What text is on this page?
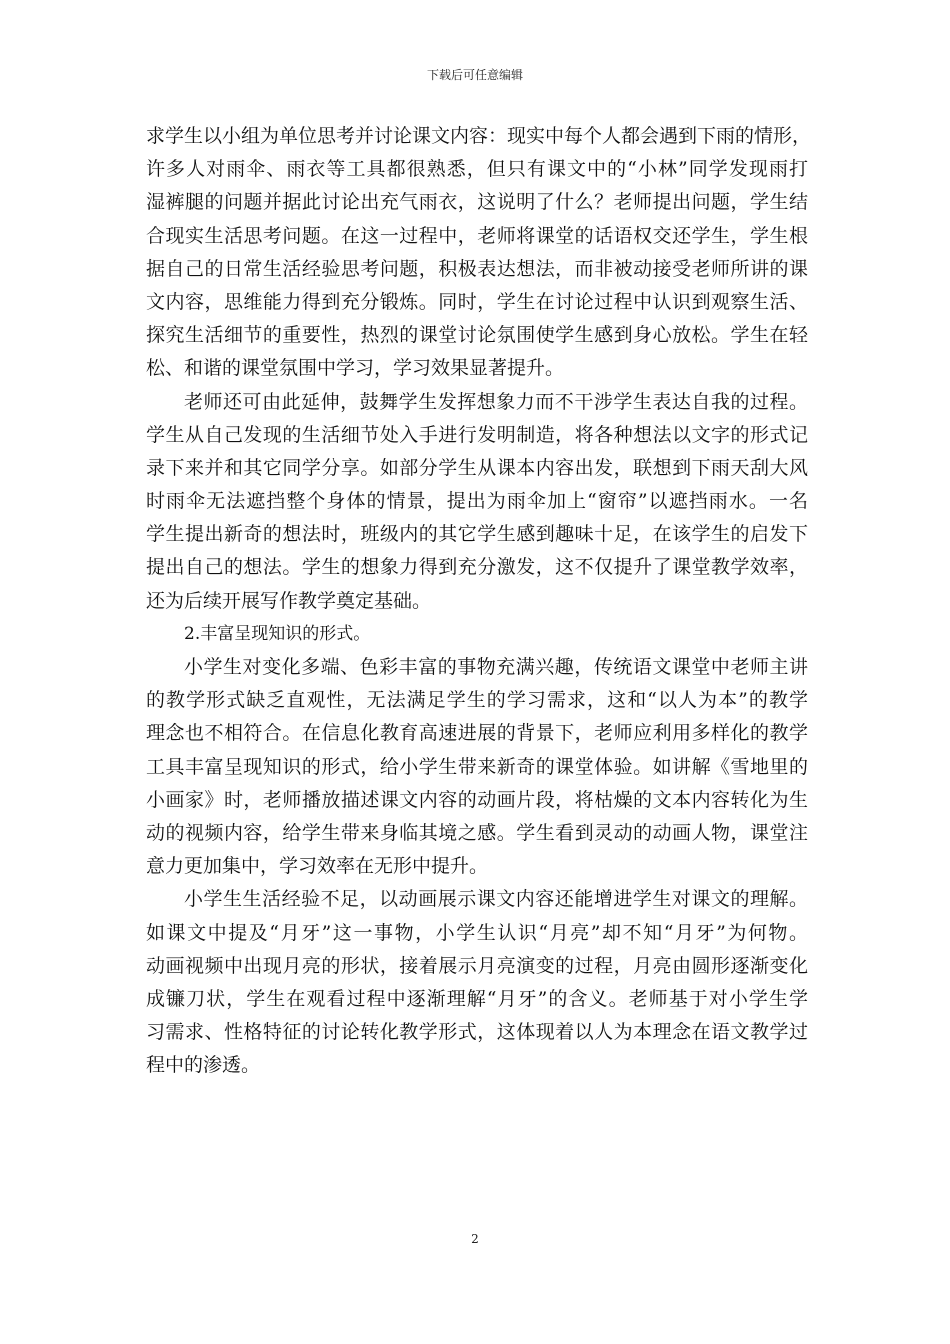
下载后可任意编辑
求学生以小组为单位思考并讨论课文内容：现实中每个人都会遇到下雨的情形，
许多人对雨伞、雨衣等工具都很熟悉，但只有课文中的“小林”同学发现雨打
湿裤腿的问题并据此讨论出充气雨衣，这说明了什么？老师提出问题，学生结
合现实生活思考问题。在这一过程中，老师将课堂的话语权交还学生，学生根
据自己的日常生活经验思考问题，积极表达想法，而非被动接受老师所讲的课
文内容，思维能力得到充分锻炼。同时，学生在讨论过程中认识到观察生活、
探究生活细节的重要性，热烈的课堂讨论氛围使学生感到身心放松。学生在轻
松、和谐的课堂氛围中学习，学习效果显著提升。
老师还可由此延伸，鼓舞学生发挥想象力而不干涉学生表达自我的过程。
学生从自己发现的生活细节处入手进行发明制造，将各种想法以文字的形式记
录下来并和其它同学分享。如部分学生从课本内容出发，联想到下雨天刮大风
时雨伞无法遮挡整个身体的情景，提出为雨伞加上“窗帘”以遮挡雨水。一名
学生提出新奇的想法时，班级内的其它学生感到趣味十足，在该学生的启发下
提出自己的想法。学生的想象力得到充分激发，这不仅提升了课堂教学效率，
还为后续开展写作教学奠定基础。
2.丰富呈现知识的形式。
小学生对变化多端、色彩丰富的事物充满兴趣，传统语文课堂中老师主讲
的教学形式缺乏直观性，无法满足学生的学习需求，这和“以人为本”的教学
理念也不相符合。在信息化教育高速进展的背景下，老师应利用多样化的教学
工具丰富呈现知识的形式，给小学生带来新奇的课堂体验。如讲解《雪地里的
小画家》时，老师播放描述课文内容的动画片段，将枯燥的文本内容转化为生
动的视频内容，给学生带来身临其境之感。学生看到灵动的动画人物，课堂注
意力更加集中，学习效率在无形中提升。
小学生生活经验不足，以动画展示课文内容还能增进学生对课文的理解。
如课文中提及“月牙”这一事物，小学生认识“月亮”却不知“月牙”为何物。
动画视频中出现月亮的形状，接着展示月亮演变的过程，月亮由圆形逐渐变化
成镰刀状，学生在观看过程中逐渐理解“月牙”的含义。老师基于对小学生学
习需求、性格特征的讨论转化教学形式，这体现着以人为本理念在语文教学过
程中的渗透。
2
